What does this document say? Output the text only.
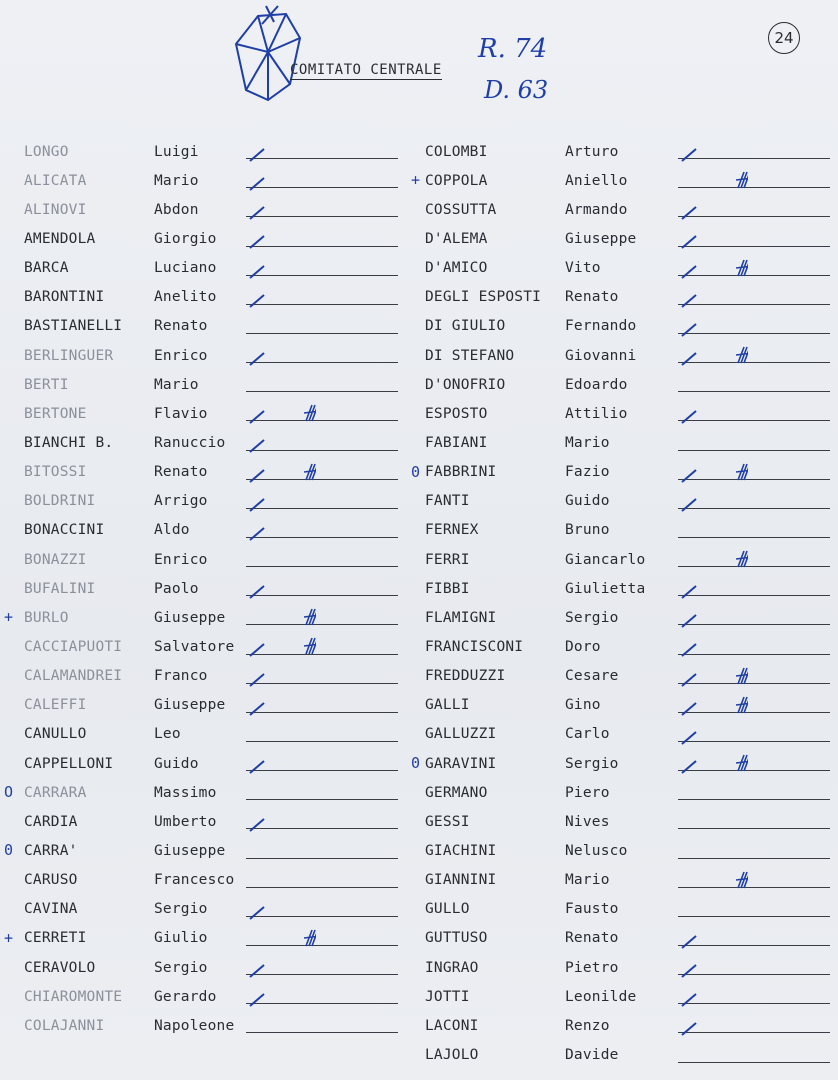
COMITATO CENTRALE
R. 74
D. 63
24
LONGO	Luigi
ALICATA	Mario
ALINOVI	Abdon
AMENDOLA	Giorgio
BARCA	Luciano
BARONTINI	Anelito
BASTIANELLI	Renato
BERLINGUER	Enrico
BERTI	Mario
BERTONE	Flavio
BIANCHI B.	Ranuccio
BITOSSI	Renato
BOLDRINI	Arrigo
BONACCINI	Aldo
BONAZZI	Enrico
BUFALINI	Paolo
+ BURLO	Giuseppe
CACCIAPUOTI	Salvatore
CALAMANDREI	Franco
CALEFFI	Giuseppe
CANULLO	Leo
CAPPELLONI	Guido
O CARRARA	Massimo
CARDIA	Umberto
0 CARRA'	Giuseppe
CARUSO	Francesco
CAVINA	Sergio
+ CERRETI	Giulio
CERAVOLO	Sergio
CHIAROMONTE	Gerardo
COLAJANNI	Napoleone
COLOMBI	Arturo
+ COPPOLA	Aniello
COSSUTTA	Armando
D'ALEMA	Giuseppe
D'AMICO	Vito
DEGLI ESPOSTI	Renato
DI GIULIO	Fernando
DI STEFANO	Giovanni
D'ONOFRIO	Edoardo
ESPOSTO	Attilio
FABIANI	Mario
0 FABBRINI	Fazio
FANTI	Guido
FERNEX	Bruno
FERRI	Giancarlo
FIBBI	Giulietta
FLAMIGNI	Sergio
FRANCISCONI	Doro
FREDDUZZI	Cesare
GALLI	Gino
GALLUZZI	Carlo
0 GARAVINI	Sergio
GERMANO	Piero
GESSI	Nives
GIACHINI	Nelusco
GIANNINI	Mario
GULLO	Fausto
GUTTUSO	Renato
INGRAO	Pietro
JOTTI	Leonilde
LACONI	Renzo
LAJOLO	Davide
